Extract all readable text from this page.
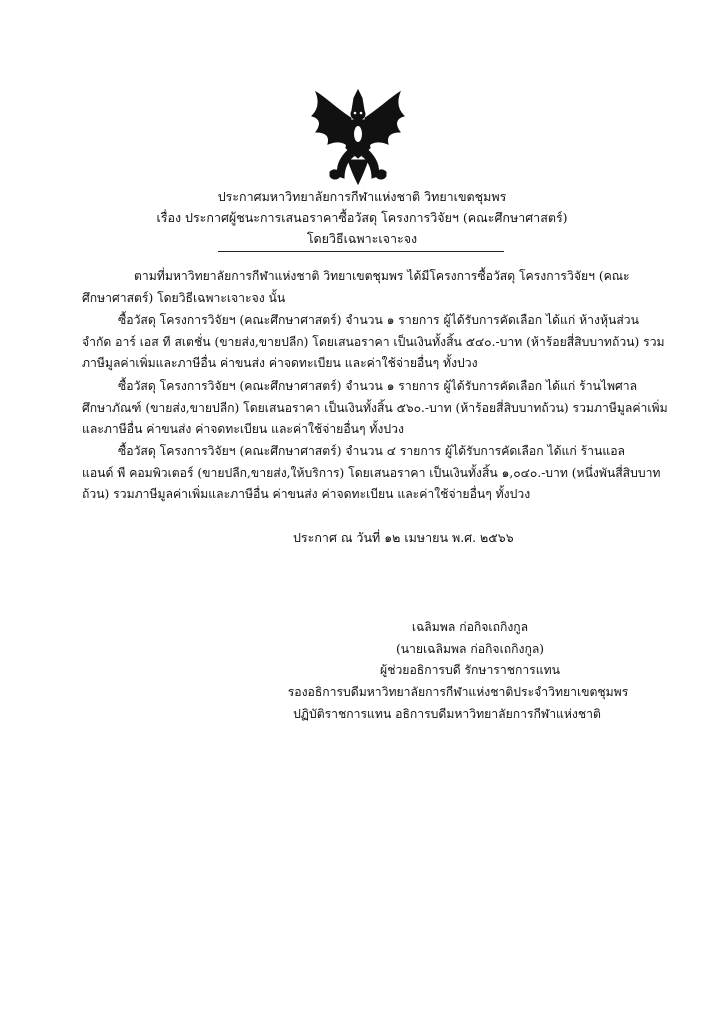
ประกาศมหาวิทยาลัยการกีฬาแห่งชาติ วิทยาเขตชุมพร
เรื่อง ประกาศผู้ชนะการเสนอราคาซื้อวัสดุ โครงการวิจัยฯ (คณะศึกษาศาสตร์)
โดยวิธีเฉพาะเจาะจง
ตามที่มหาวิทยาลัยการกีฬาแห่งชาติ วิทยาเขตชุมพร ได้มีโครงการซื้อวัสดุ โครงการวิจัยฯ (คณะ
ศึกษาศาสตร์) โดยวิธีเฉพาะเจาะจง นั้น
ซื้อวัสดุ โครงการวิจัยฯ (คณะศึกษาศาสตร์) จำนวน ๑ รายการ ผู้ได้รับการคัดเลือก ได้แก่ ห้างหุ้นส่วน
จำกัด อาร์ เอส ที สเตชั่น (ขายส่ง,ขายปลีก) โดยเสนอราคา เป็นเงินทั้งสิ้น ๕๔๐.-บาท (ห้าร้อยสี่สิบบาทถ้วน) รวม
ภาษีมูลค่าเพิ่มและภาษีอื่น ค่าขนส่ง ค่าจดทะเบียน และค่าใช้จ่ายอื่นๆ ทั้งปวง
ซื้อวัสดุ โครงการวิจัยฯ (คณะศึกษาศาสตร์) จำนวน ๑ รายการ ผู้ได้รับการคัดเลือก ได้แก่ ร้านไพศาล
ศึกษาภัณฑ์ (ขายส่ง,ขายปลีก) โดยเสนอราคา เป็นเงินทั้งสิ้น ๕๖๐.-บาท (ห้าร้อยสี่สิบบาทถ้วน) รวมภาษีมูลค่าเพิ่ม
และภาษีอื่น ค่าขนส่ง ค่าจดทะเบียน และค่าใช้จ่ายอื่นๆ ทั้งปวง
ซื้อวัสดุ โครงการวิจัยฯ (คณะศึกษาศาสตร์) จำนวน ๔ รายการ ผู้ได้รับการคัดเลือก ได้แก่ ร้านแอล
แอนด์ พี คอมพิวเตอร์ (ขายปลีก,ขายส่ง,ให้บริการ) โดยเสนอราคา เป็นเงินทั้งสิ้น ๑,๐๔๐.-บาท (หนึ่งพันสี่สิบบาท
ถ้วน) รวมภาษีมูลค่าเพิ่มและภาษีอื่น ค่าขนส่ง ค่าจดทะเบียน และค่าใช้จ่ายอื่นๆ ทั้งปวง
ประกาศ ณ วันที่ ๑๒ เมษายน พ.ศ. ๒๕๖๖
เฉลิมพล ก่อกิจเถกิงกูล
(นายเฉลิมพล ก่อกิจเถกิงกูล)
ผู้ช่วยอธิการบดี รักษาราชการแทน
รองอธิการบดีมหาวิทยาลัยการกีฬาแห่งชาติประจำวิทยาเขตชุมพร
ปฏิบัติราชการแทน อธิการบดีมหาวิทยาลัยการกีฬาแห่งชาติ
